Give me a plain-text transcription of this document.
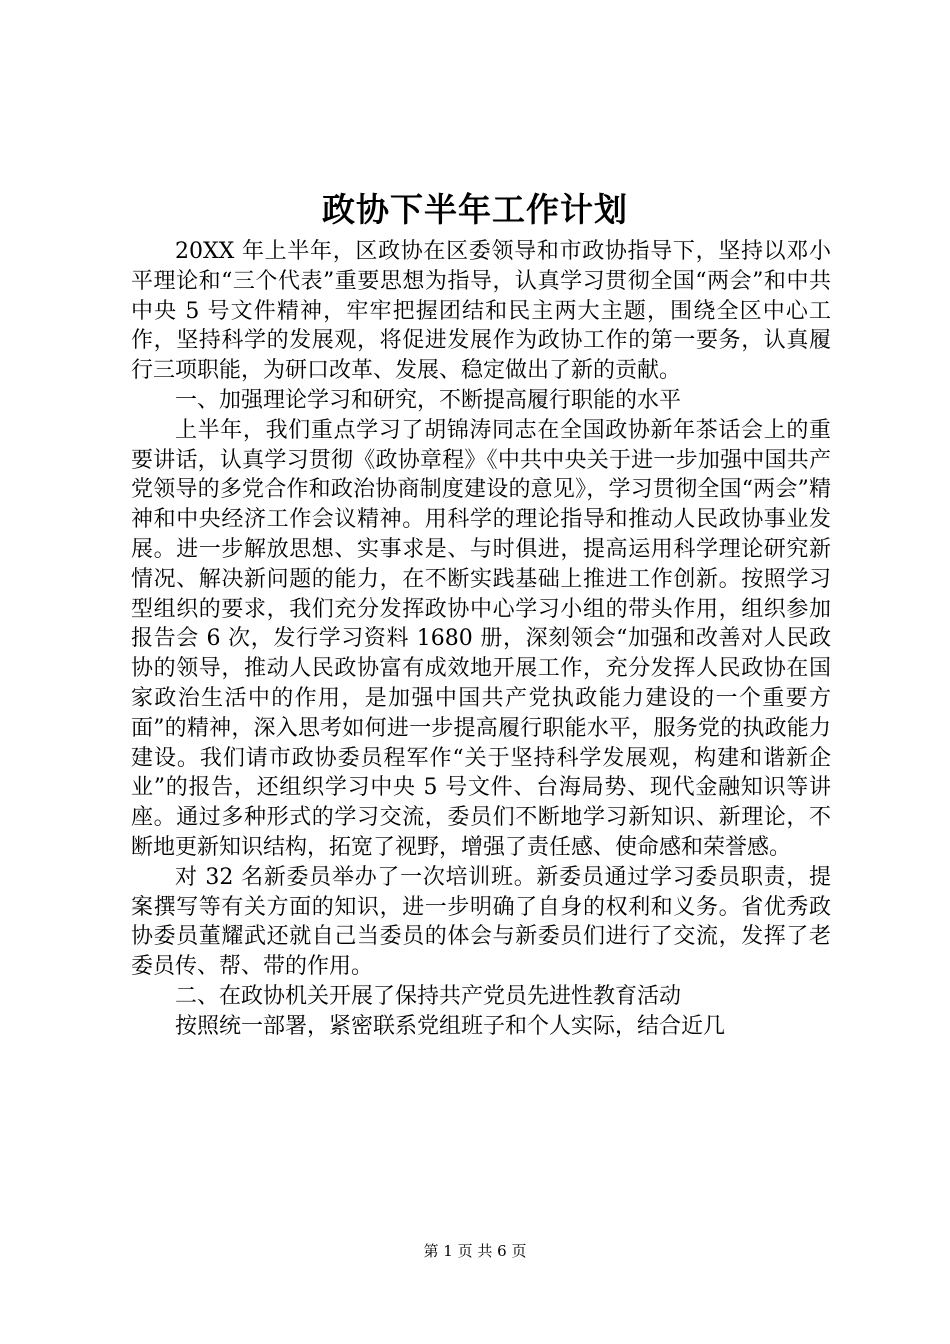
政协下半年工作计划

20XX 年上半年，区政协在区委领导和市政协指导下，坚持以邓小平理论和“三个代表”重要思想为指导，认真学习贯彻全国“两会”和中共中央 5 号文件精神，牢牢把握团结和民主两大主题，围绕全区中心工作，坚持科学的发展观，将促进发展作为政协工作的第一要务，认真履行三项职能，为研口改革、发展、稳定做出了新的贡献。

一、加强理论学习和研究，不断提高履行职能的水平

上半年，我们重点学习了胡锦涛同志在全国政协新年茶话会上的重要讲话，认真学习贯彻《政协章程》《中共中央关于进一步加强中国共产党领导的多党合作和政治协商制度建设的意见》，学习贯彻全国“两会”精神和中央经济工作会议精神。用科学的理论指导和推动人民政协事业发展。进一步解放思想、实事求是、与时俱进，提高运用科学理论研究新情况、解决新问题的能力，在不断实践基础上推进工作创新。按照学习型组织的要求，我们充分发挥政协中心学习小组的带头作用，组织参加报告会 6 次，发行学习资料 1680 册，深刻领会“加强和改善对人民政协的领导，推动人民政协富有成效地开展工作，充分发挥人民政协在国家政治生活中的作用，是加强中国共产党执政能力建设的一个重要方面”的精神，深入思考如何进一步提高履行职能水平，服务党的执政能力建设。我们请市政协委员程军作“关于坚持科学发展观，构建和谐新企业”的报告，还组织学习中央 5 号文件、台海局势、现代金融知识等讲座。通过多种形式的学习交流，委员们不断地学习新知识、新理论，不断地更新知识结构，拓宽了视野，增强了责任感、使命感和荣誉感。

对 32 名新委员举办了一次培训班。新委员通过学习委员职责，提案撰写等有关方面的知识，进一步明确了自身的权利和义务。省优秀政协委员董耀武还就自己当委员的体会与新委员们进行了交流，发挥了老委员传、帮、带的作用。

二、在政协机关开展了保持共产党员先进性教育活动

按照统一部署，紧密联系党组班子和个人实际，结合近几

第 1 页 共 6 页
